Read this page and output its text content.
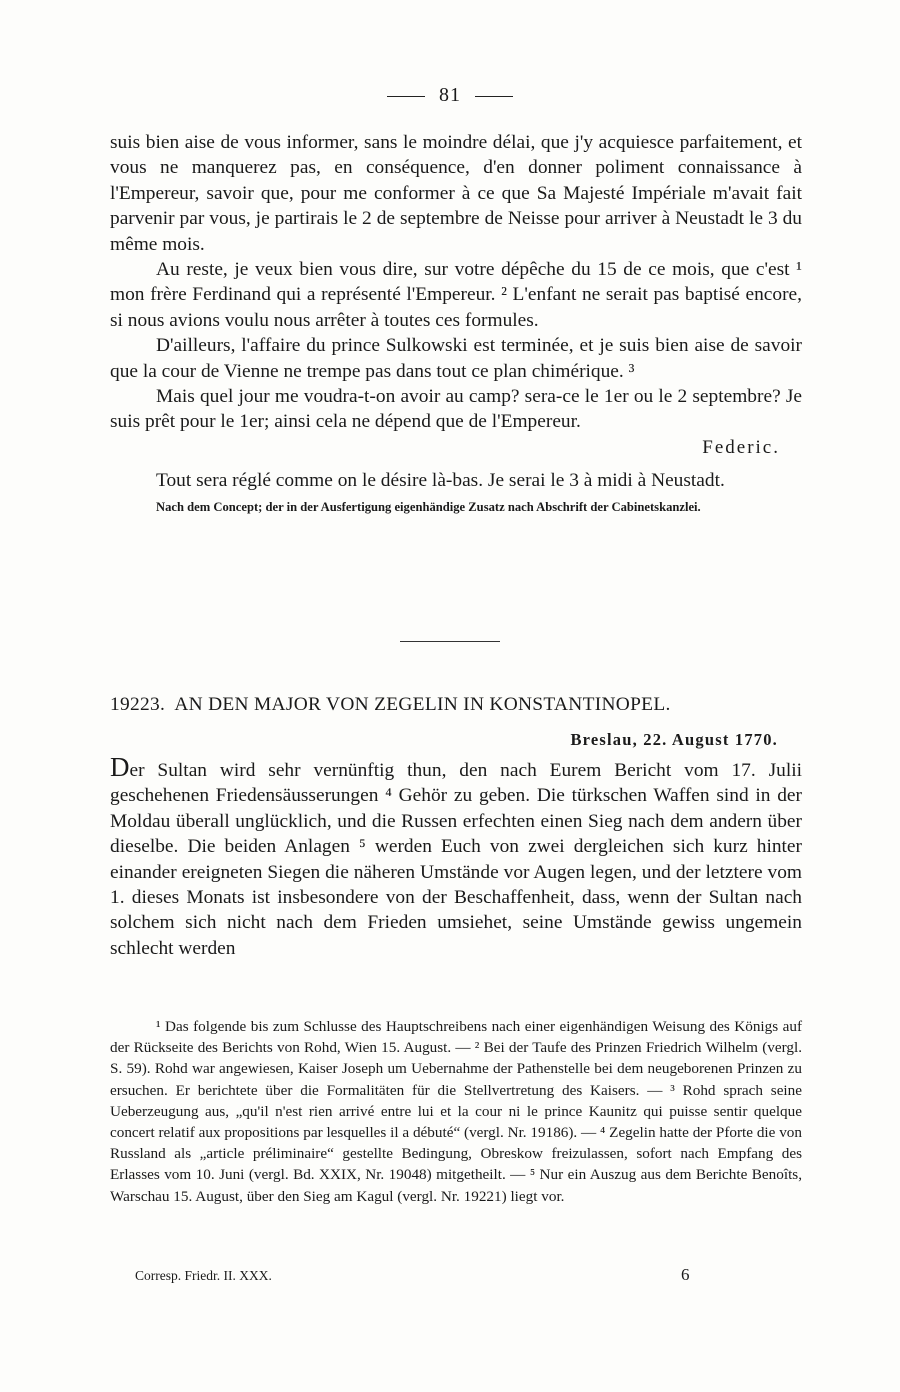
81

suis bien aise de vous informer, sans le moindre délai, que j'y acquiesce parfaitement, et vous ne manquerez pas, en conséquence, d'en donner poliment connaissance à l'Empereur, savoir que, pour me conformer à ce que Sa Majesté Impériale m'avait fait parvenir par vous, je partirais le 2 de septembre de Neisse pour arriver à Neustadt le 3 du même mois.

Au reste, je veux bien vous dire, sur votre dépêche du 15 de ce mois, que c'est ¹ mon frère Ferdinand qui a représenté l'Empereur. ² L'enfant ne serait pas baptisé encore, si nous avions voulu nous arrêter à toutes ces formules.

D'ailleurs, l'affaire du prince Sulkowski est terminée, et je suis bien aise de savoir que la cour de Vienne ne trempe pas dans tout ce plan chimérique. ³

Mais quel jour me voudra-t-on avoir au camp? sera-ce le 1er ou le 2 septembre? Je suis prêt pour le 1er; ainsi cela ne dépend que de l'Empereur.

Federic.

Tout sera réglé comme on le désire là-bas. Je serai le 3 à midi à Neustadt.

Nach dem Concept; der in der Ausfertigung eigenhändige Zusatz nach Abschrift der Cabinetskanzlei.

19223. AN DEN MAJOR VON ZEGELIN IN KONSTANTINOPEL.
Breslau, 22. August 1770.

Der Sultan wird sehr vernünftig thun, den nach Eurem Bericht vom 17. Julii geschehenen Friedensäusserungen ⁴ Gehör zu geben. Die türkschen Waffen sind in der Moldau überall unglücklich, und die Russen erfechten einen Sieg nach dem andern über dieselbe. Die beiden Anlagen ⁵ werden Euch von zwei dergleichen sich kurz hinter einander ereigneten Siegen die näheren Umstände vor Augen legen, und der letztere vom 1. dieses Monats ist insbesondere von der Beschaffenheit, dass, wenn der Sultan nach solchem sich nicht nach dem Frieden umsiehet, seine Umstände gewiss ungemein schlecht werden

¹ Das folgende bis zum Schlusse des Hauptschreibens nach einer eigenhändigen Weisung des Königs auf der Rückseite des Berichts von Rohd, Wien 15. August. — ² Bei der Taufe des Prinzen Friedrich Wilhelm (vergl. S. 59). Rohd war angewiesen, Kaiser Joseph um Uebernahme der Pathenstelle bei dem neugeborenen Prinzen zu ersuchen. Er berichtete über die Formalitäten für die Stellvertretung des Kaisers. — ³ Rohd sprach seine Ueberzeugung aus, „qu'il n'est rien arrivé entre lui et la cour ni le prince Kaunitz qui puisse sentir quelque concert relatif aux propositions par lesquelles il a débuté“ (vergl. Nr. 19186). — ⁴ Zegelin hatte der Pforte die von Russland als „article préliminaire“ gestellte Bedingung, Obreskow freizulassen, sofort nach Empfang des Erlasses vom 10. Juni (vergl. Bd. XXIX, Nr. 19048) mitgetheilt. — ⁵ Nur ein Auszug aus dem Berichte Benoîts, Warschau 15. August, über den Sieg am Kagul (vergl. Nr. 19221) liegt vor.

Corresp. Friedr. II. XXX.	6
